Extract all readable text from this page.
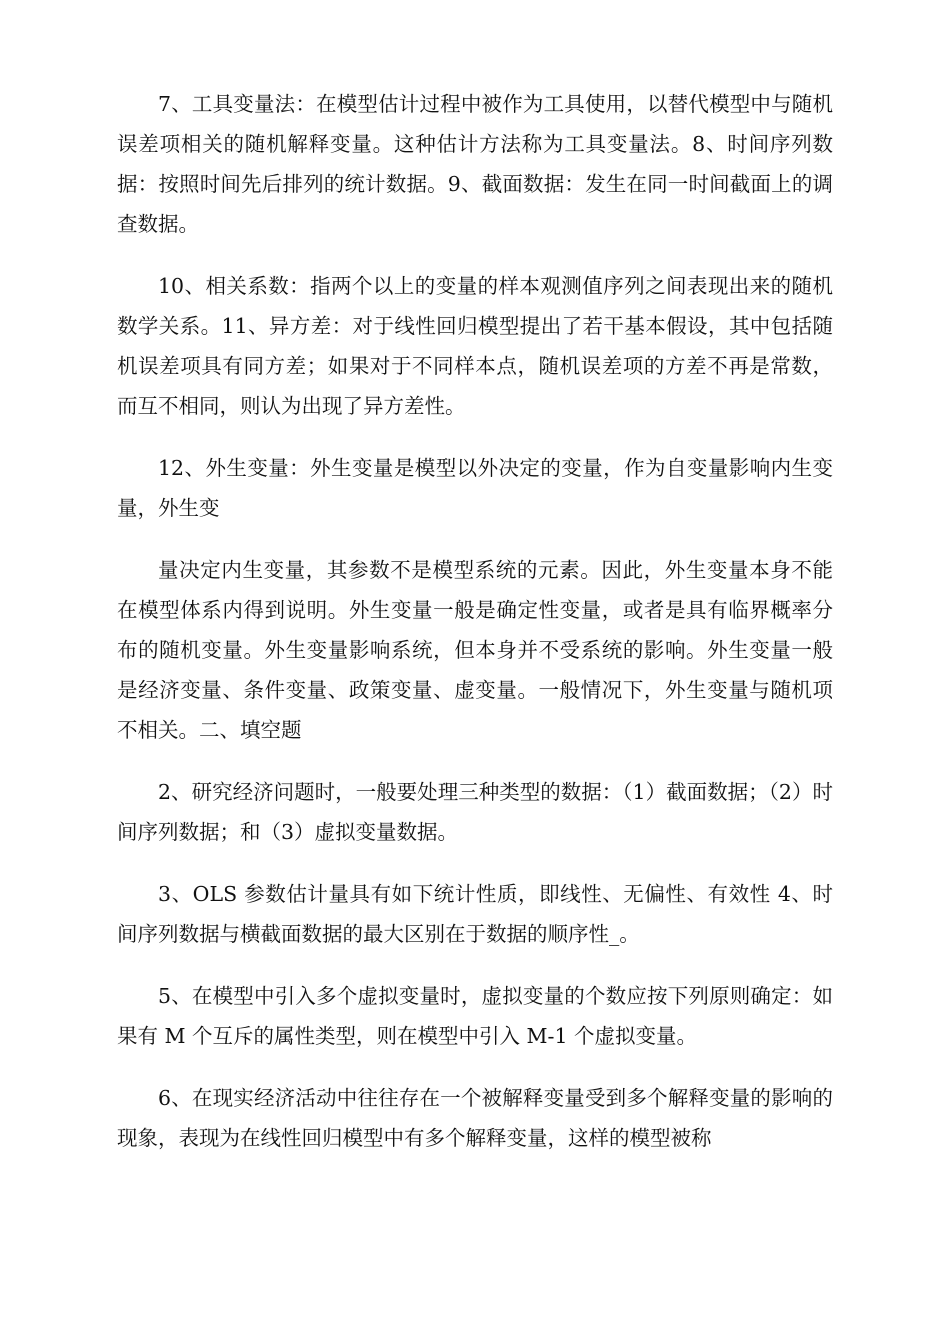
7、工具变量法：在模型估计过程中被作为工具使用，以替代模型中与随机误差项相关的随机解释变量。这种估计方法称为工具变量法。8、时间序列数据：按照时间先后排列的统计数据。9、截面数据：发生在同一时间截面上的调查数据。

10、相关系数：指两个以上的变量的样本观测值序列之间表现出来的随机数学关系。11、异方差：对于线性回归模型提出了若干基本假设，其中包括随机误差项具有同方差；如果对于不同样本点，随机误差项的方差不再是常数，而互不相同，则认为出现了异方差性。

12、外生变量：外生变量是模型以外决定的变量，作为自变量影响内生变量，外生变

量决定内生变量，其参数不是模型系统的元素。因此，外生变量本身不能在模型体系内得到说明。外生变量一般是确定性变量，或者是具有临界概率分布的随机变量。外生变量影响系统，但本身并不受系统的影响。外生变量一般是经济变量、条件变量、政策变量、虚变量。一般情况下，外生变量与随机项不相关。二、填空题

2、研究经济问题时，一般要处理三种类型的数据：（1）截面数据；（2）时间序列数据；和（3）虚拟变量数据。

3、OLS 参数估计量具有如下统计性质，即线性、无偏性、有效性 4、时间序列数据与横截面数据的最大区别在于数据的顺序性_。

5、在模型中引入多个虚拟变量时，虚拟变量的个数应按下列原则确定：如果有 M 个互斥的属性类型，则在模型中引入 M-1 个虚拟变量。

6、在现实经济活动中往往存在一个被解释变量受到多个解释变量的影响的现象，表现为在线性回归模型中有多个解释变量，这样的模型被称
